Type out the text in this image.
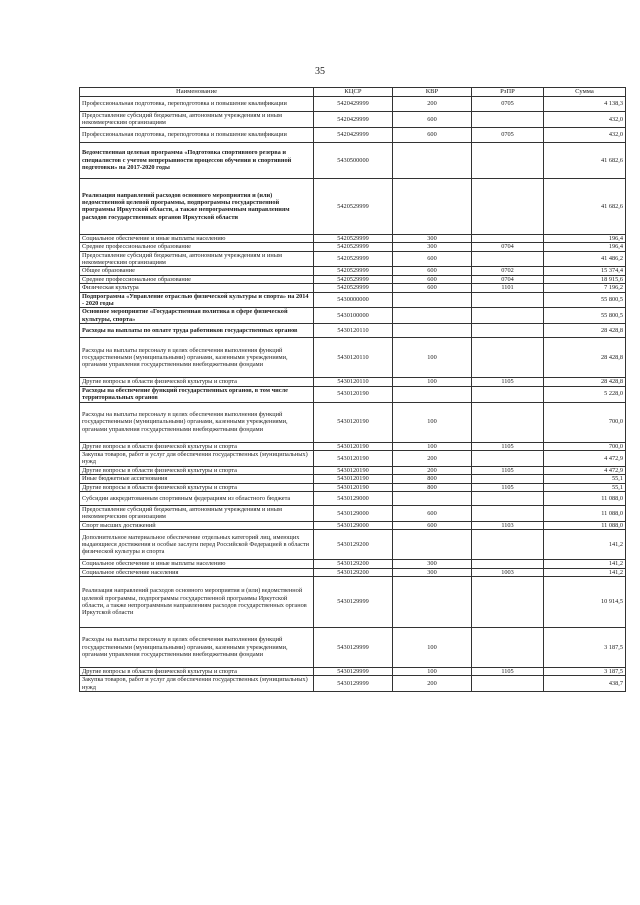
35
Наименование	КЦСР	КВР	РзПР	Сумма
Профессиональная подготовка, переподготовка и повышение квалификации	5420429999	200	0705	4 138,3
Предоставление субсидий бюджетным, автономным учреждениям и иным некоммерческим организациям	5420429999	600		432,0
Профессиональная подготовка, переподготовка и повышение квалификации	5420429999	600	0705	432,0
Ведомственная целевая программа «Подготовка спортивного резерва и специалистов с учетом непрерывности процессов обучения и спортивной подготовки» на 2017-2020 годы	5430500000			41 682,6
Реализация направлений расходов основного мероприятия и (или) ведомственной целевой программы, подпрограммы государственной программы Иркутской области, а также непрограммным направлениям расходов государственных органов Иркутской области	5420529999			41 682,6
Социальное обеспечение и иные выплаты населению	5420529999	300		196,4
Среднее профессиональное образование	5420529999	300	0704	196,4
Предоставление субсидий бюджетным, автономным учреждениям и иным некоммерческим организациям	5420529999	600		41 486,2
Общее образование	5420529999	600	0702	15 374,4
Среднее профессиональное образование	5420529999	600	0704	18 915,6
Физическая культура	5420529999	600	1101	7 196,2
Подпрограмма «Управление отраслью физической культуры и спорта» на 2014 - 2020 годы	5430000000			55 800,5
Основное мероприятие «Государственная политика в сфере физической культуры, спорта»	5430100000			55 800,5
Расходы на выплаты по оплате труда работников государственных органов	5430120110			28 428,8
Расходы на выплаты персоналу в целях обеспечения выполнения функций государственными (муниципальными) органами, казенными учреждениями, органами управления государственными внебюджетными фондами	5430120110	100		28 428,8
Другие вопросы в области физической культуры и спорта	5430120110	100	1105	28 428,8
Расходы на обеспечение функций государственных органов, в том числе территориальных органов	5430120190			5 228,0
Расходы на выплаты персоналу в целях обеспечения выполнения функций государственными (муниципальными) органами, казенными учреждениями, органами управления государственными внебюджетными фондами	5430120190	100		700,0
Другие вопросы в области физической культуры и спорта	5430120190	100	1105	700,0
Закупка товаров, работ и услуг для обеспечения государственных (муниципальных) нужд	5430120190	200		4 472,9
Другие вопросы в области физической культуры и спорта	5430120190	200	1105	4 472,9
Иные бюджетные ассигнования	5430120190	800		55,1
Другие вопросы в области физической культуры и спорта	5430120190	800	1105	55,1
Субсидии аккредитованным спортивным федерациям из областного бюджета	5430129000			11 088,0
Предоставление субсидий бюджетным, автономным учреждениям и иным некоммерческим организациям	5430129000	600		11 088,0
Спорт высших достижений	5430129000	600	1103	11 088,0
Дополнительное материальное обеспечение отдельных категорий лиц, имеющих выдающиеся достижения и особые заслуги перед Российской Федерацией в области физической культуры и спорта	5430129200			141,2
Социальное обеспечение и иные выплаты населению	5430129200	300		141,2
Социальное обеспечение населения	5430129200	300	1003	141,2
Реализация направлений расходов основного мероприятия и (или) ведомственной целевой программы, подпрограммы государственной программы Иркутской области, а также непрограммным направлениям расходов государственных органов Иркутской области	5430129999			10 914,5
Расходы на выплаты персоналу в целях обеспечения выполнения функций государственными (муниципальными) органами, казенными учреждениями, органами управления государственными внебюджетными фондами	5430129999	100		3 187,5
Другие вопросы в области физической культуры и спорта	5430129999	100	1105	3 187,5
Закупка товаров, работ и услуг для обеспечения государственных (муниципальных) нужд	5430129999	200		438,7
